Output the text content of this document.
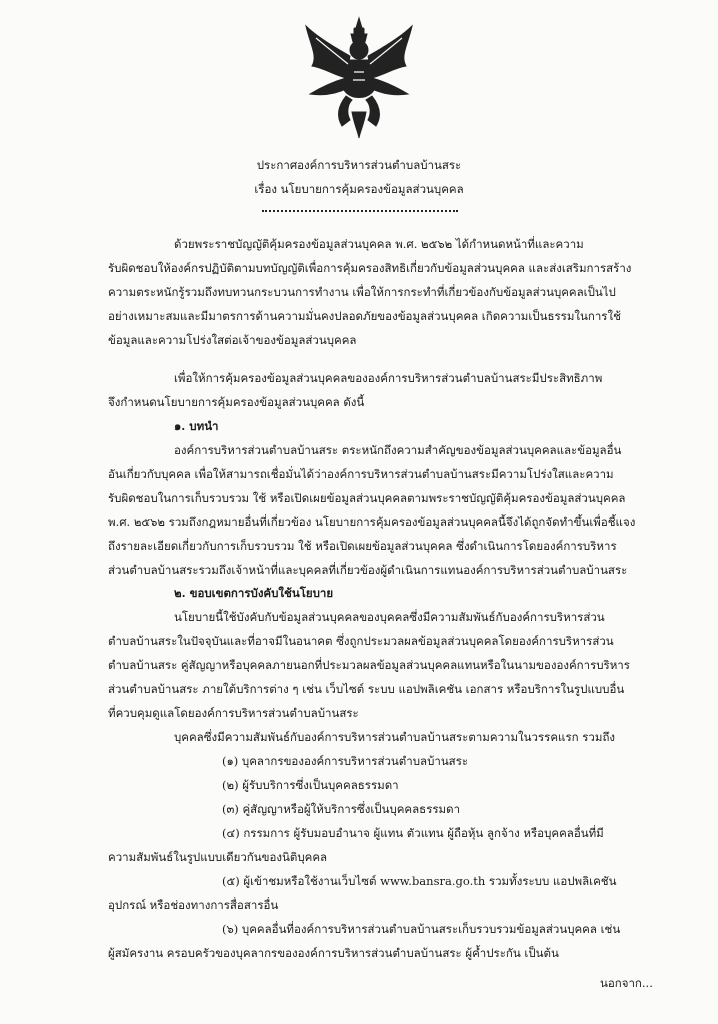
ประกาศองค์การบริหารส่วนตำบลบ้านสระ
เรื่อง นโยบายการคุ้มครองข้อมูลส่วนบุคคล
ด้วยพระราชบัญญัติคุ้มครองข้อมูลส่วนบุคคล พ.ศ. ๒๕๖๒ ได้กำหนดหน้าที่และความ
รับผิดชอบให้องค์กรปฏิบัติตามบทบัญญัติเพื่อการคุ้มครองสิทธิเกี่ยวกับข้อมูลส่วนบุคคล และส่งเสริมการสร้าง
ความตระหนักรู้รวมถึงทบทวนกระบวนการทำงาน เพื่อให้การกระทำที่เกี่ยวข้องกับข้อมูลส่วนบุคคลเป็นไป
อย่างเหมาะสมและมีมาตรการด้านความมั่นคงปลอดภัยของข้อมูลส่วนบุคคล เกิดความเป็นธรรมในการใช้
ข้อมูลและความโปร่งใสต่อเจ้าของข้อมูลส่วนบุคคล
เพื่อให้การคุ้มครองข้อมูลส่วนบุคคลขององค์การบริหารส่วนตำบลบ้านสระมีประสิทธิภาพ
จึงกำหนดนโยบายการคุ้มครองข้อมูลส่วนบุคคล ดังนี้
๑. บทนำ
องค์การบริหารส่วนตำบลบ้านสระ ตระหนักถึงความสำคัญของข้อมูลส่วนบุคคลและข้อมูลอื่น
อันเกี่ยวกับบุคคล เพื่อให้สามารถเชื่อมั่นได้ว่าองค์การบริหารส่วนตำบลบ้านสระมีความโปร่งใสและความ
รับผิดชอบในการเก็บรวบรวม ใช้ หรือเปิดเผยข้อมูลส่วนบุคคลตามพระราชบัญญัติคุ้มครองข้อมูลส่วนบุคคล
พ.ศ. ๒๕๖๒ รวมถึงกฎหมายอื่นที่เกี่ยวข้อง นโยบายการคุ้มครองข้อมูลส่วนบุคคลนี้จึงได้ถูกจัดทำขึ้นเพื่อชี้แจง
ถึงรายละเอียดเกี่ยวกับการเก็บรวบรวม ใช้ หรือเปิดเผยข้อมูลส่วนบุคคล ซึ่งดำเนินการโดยองค์การบริหาร
ส่วนตำบลบ้านสระรวมถึงเจ้าหน้าที่และบุคคลที่เกี่ยวข้องผู้ดำเนินการแทนองค์การบริหารส่วนตำบลบ้านสระ
๒. ขอบเขตการบังคับใช้นโยบาย
นโยบายนี้ใช้บังคับกับข้อมูลส่วนบุคคลของบุคคลซึ่งมีความสัมพันธ์กับองค์การบริหารส่วน
ตำบลบ้านสระในปัจจุบันและที่อาจมีในอนาคต ซึ่งถูกประมวลผลข้อมูลส่วนบุคคลโดยองค์การบริหารส่วน
ตำบลบ้านสระ คู่สัญญาหรือบุคคลภายนอกที่ประมวลผลข้อมูลส่วนบุคคลแทนหรือในนามขององค์การบริหาร
ส่วนตำบลบ้านสระ ภายใต้บริการต่าง ๆ เช่น เว็บไซต์ ระบบ แอปพลิเคชัน เอกสาร หรือบริการในรูปแบบอื่น
ที่ควบคุมดูแลโดยองค์การบริหารส่วนตำบลบ้านสระ
บุคคลซึ่งมีความสัมพันธ์กับองค์การบริหารส่วนตำบลบ้านสระตามความในวรรคแรก รวมถึง
(๑) บุคลากรขององค์การบริหารส่วนตำบลบ้านสระ
(๒) ผู้รับบริการซึ่งเป็นบุคคลธรรมดา
(๓) คู่สัญญาหรือผู้ให้บริการซึ่งเป็นบุคคลธรรมดา
(๔) กรรมการ ผู้รับมอบอำนาจ ผู้แทน ตัวแทน ผู้ถือหุ้น ลูกจ้าง หรือบุคคลอื่นที่มี
ความสัมพันธ์ในรูปแบบเดียวกันของนิติบุคคล
(๕) ผู้เข้าชมหรือใช้งานเว็บไซต์ www.bansra.go.th รวมทั้งระบบ แอปพลิเคชัน
อุปกรณ์ หรือช่องทางการสื่อสารอื่น
(๖) บุคคลอื่นที่องค์การบริหารส่วนตำบลบ้านสระเก็บรวบรวมข้อมูลส่วนบุคคล เช่น
ผู้สมัครงาน ครอบครัวของบุคลากรขององค์การบริหารส่วนตำบลบ้านสระ ผู้ค้ำประกัน เป็นต้น
นอกจาก...
